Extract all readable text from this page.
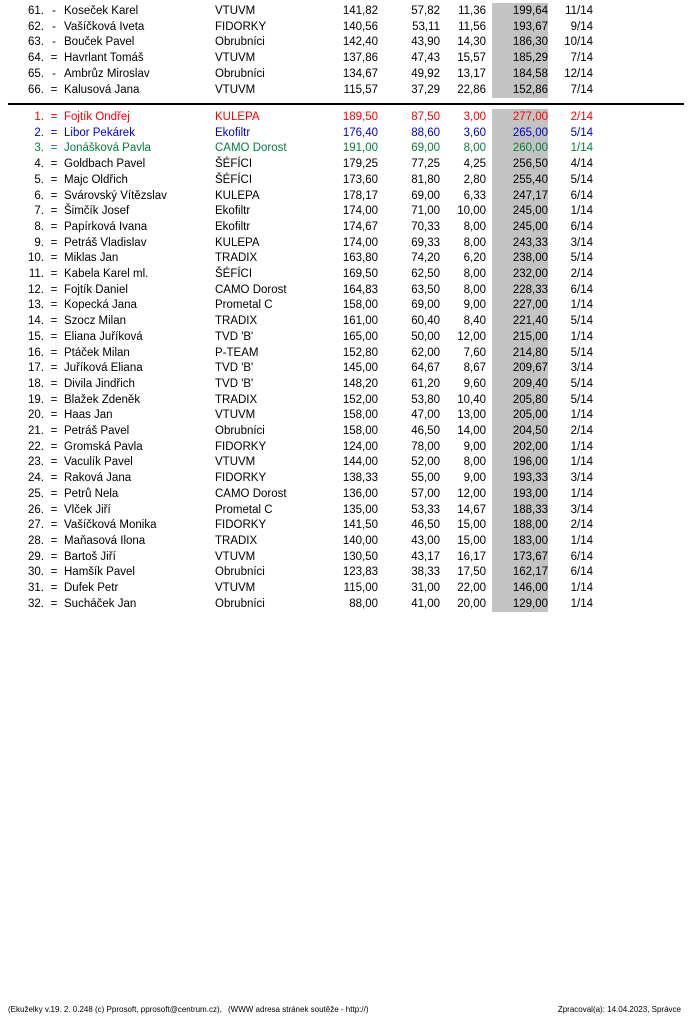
61. - Koseček Karel	VTUVM	141,82	57,82	11,36	199,64	11/14
62. - Vašíčková Iveta	FIDORKY	140,56	53,11	11,56	193,67	9/14
63. - Bouček Pavel	Obrubníci	142,40	43,90	14,30	186,30	10/14
64. = Havrlant Tomáš	VTUVM	137,86	47,43	15,57	185,29	7/14
65. - Ambrůz Miroslav	Obrubníci	134,67	49,92	13,17	184,58	12/14
66. = Kalusová Jana	VTUVM	115,57	37,29	22,86	152,86	7/14
1. = Fojtík Ondřej	KULEPA	189,50	87,50	3,00	277,00	2/14
2. = Libor Pekárek	Ekofiltr	176,40	88,60	3,60	265,00	5/14
3. = Jonášková Pavla	CAMO Dorost	191,00	69,00	8,00	260,00	1/14
4. = Goldbach Pavel	ŠÉFÍCI	179,25	77,25	4,25	256,50	4/14
5. = Majc Oldřich	ŠÉFÍCI	173,60	81,80	2,80	255,40	5/14
6. = Svárovský Vítězslav	KULEPA	178,17	69,00	6,33	247,17	6/14
7. = Šimčík Josef	Ekofiltr	174,00	71,00	10,00	245,00	1/14
8. = Papírková Ivana	Ekofiltr	174,67	70,33	8,00	245,00	6/14
9. = Petráš Vladislav	KULEPA	174,00	69,33	8,00	243,33	3/14
10. = Miklas Jan	TRADIX	163,80	74,20	6,20	238,00	5/14
11. = Kabela Karel ml.	ŠÉFÍCI	169,50	62,50	8,00	232,00	2/14
12. = Fojtík Daniel	CAMO Dorost	164,83	63,50	8,00	228,33	6/14
13. = Kopecká Jana	Prometal C	158,00	69,00	9,00	227,00	1/14
14. = Szocz Milan	TRADIX	161,00	60,40	8,40	221,40	5/14
15. = Eliana Juříková	TVD 'B'	165,00	50,00	12,00	215,00	1/14
16. = Ptáček Milan	P-TEAM	152,80	62,00	7,60	214,80	5/14
17. = Juříková Eliana	TVD 'B'	145,00	64,67	8,67	209,67	3/14
18. = Divila Jindřich	TVD 'B'	148,20	61,20	9,60	209,40	5/14
19. = Blažek Zdeněk	TRADIX	152,00	53,80	10,40	205,80	5/14
20. = Haas Jan	VTUVM	158,00	47,00	13,00	205,00	1/14
21. = Petráš Pavel	Obrubníci	158,00	46,50	14,00	204,50	2/14
22. = Gromská Pavla	FIDORKY	124,00	78,00	9,00	202,00	1/14
23. = Vaculík Pavel	VTUVM	144,00	52,00	8,00	196,00	1/14
24. = Raková Jana	FIDORKY	138,33	55,00	9,00	193,33	3/14
25. = Petrů Nela	CAMO Dorost	136,00	57,00	12,00	193,00	1/14
26. = Vlček Jiří	Prometal C	135,00	53,33	14,67	188,33	3/14
27. = Vašíčková Monika	FIDORKY	141,50	46,50	15,00	188,00	2/14
28. = Maňasová Ilona	TRADIX	140,00	43,00	15,00	183,00	1/14
29. = Bartoš Jiří	VTUVM	130,50	43,17	16,17	173,67	6/14
30. = Hamšík Pavel	Obrubníci	123,83	38,33	17,50	162,17	6/14
31. = Dufek Petr	VTUVM	115,00	31,00	22,00	146,00	1/14
32. = Sucháček Jan	Obrubníci	88,00	41,00	20,00	129,00	1/14
(Ekuželky v.19. 2. 0.248 (c) Pprosoft, pprosoft@centrum.cz), (WWW adresa stránek soutěže - http://)	Zpracoval(a): 14.04.2023, Správce
